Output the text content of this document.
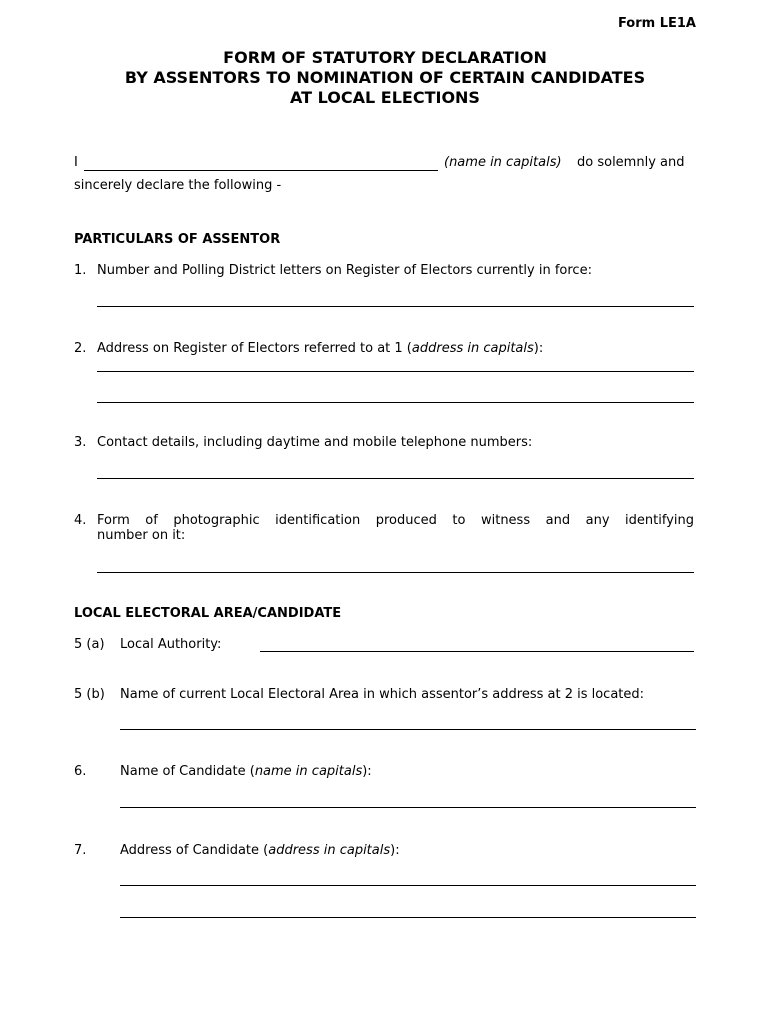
Form LE1A
FORM OF STATUTORY DECLARATION
BY ASSENTORS TO NOMINATION OF CERTAIN CANDIDATES
AT LOCAL ELECTIONS
I	(name in capitals) do solemnly and
sincerely declare the following -
PARTICULARS OF ASSENTOR
1. Number and Polling District letters on Register of Electors currently in force:
2. Address on Register of Electors referred to at 1 (address in capitals):
3. Contact details, including daytime and mobile telephone numbers:
4. Form of photographic identification produced to witness and any identifying
number on it:
LOCAL ELECTORAL AREA/CANDIDATE
5 (a) Local Authority:
5 (b) Name of current Local Electoral Area in which assentor’s address at 2 is located:
6.	Name of Candidate (name in capitals):
7.	Address of Candidate (address in capitals):
